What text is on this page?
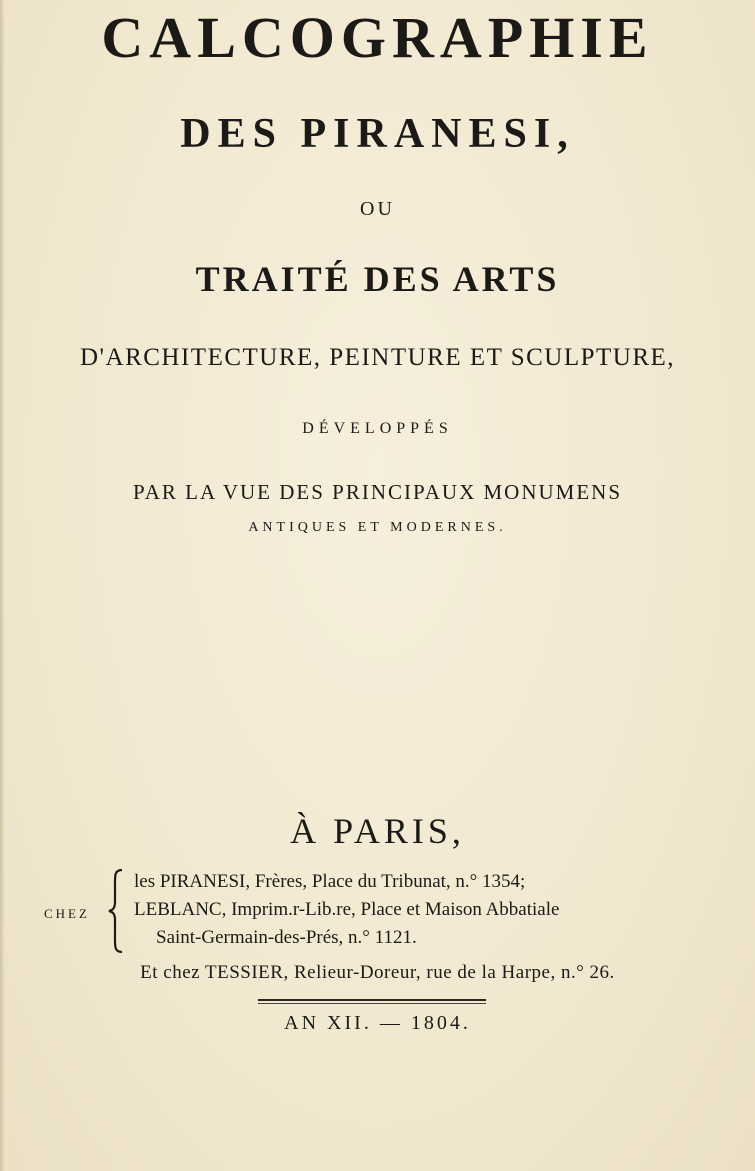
CALCOGRAPHIE
DES PIRANESI,
OU
TRAITÉ DES ARTS
D'ARCHITECTURE, PEINTURE ET SCULPTURE,
DÉVELOPPÉS
PAR LA VUE DES PRINCIPAUX MONUMENS
ANTIQUES ET MODERNES.
À PARIS,
CHEZ
les PIRANESI, Frères, Place du Tribunat, n.° 1354;
LEBLANC, Imprim.r-Lib.re, Place et Maison Abbatiale
Saint-Germain-des-Prés, n.° 1121.
Et chez TESSIER, Relieur-Doreur, rue de la Harpe, n.° 26.
AN XII. — 1804.
